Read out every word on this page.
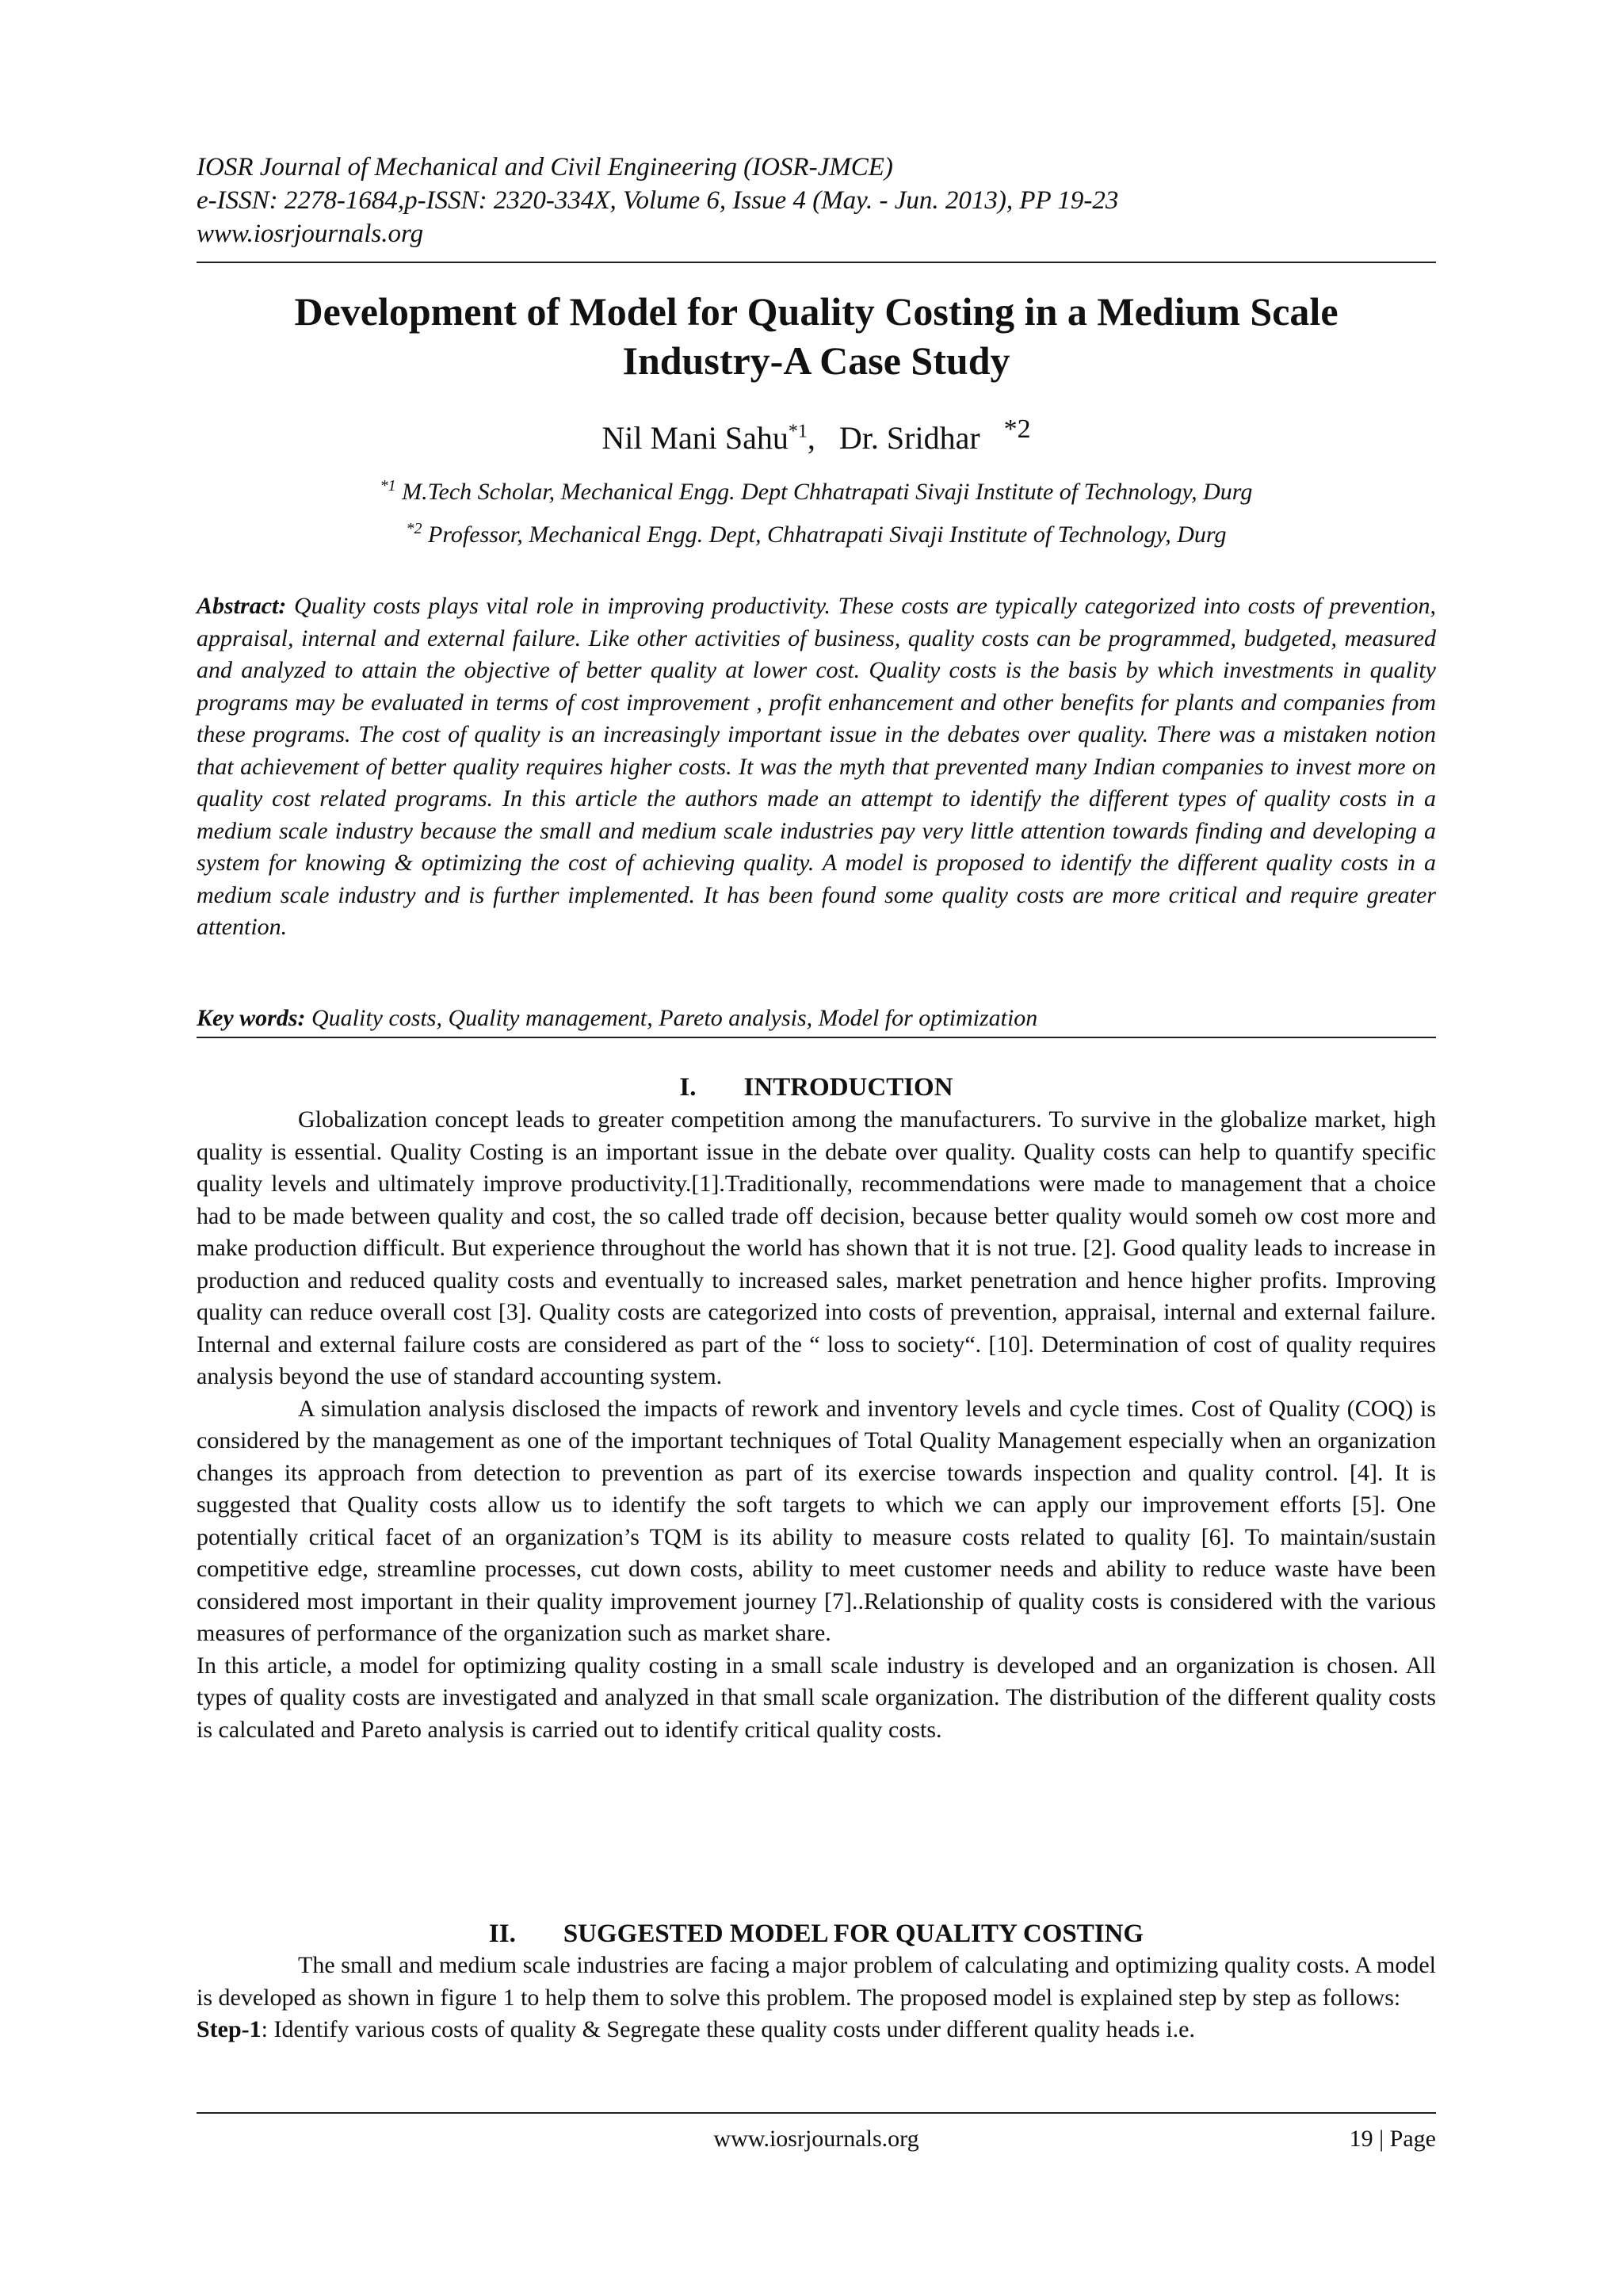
IOSR Journal of Mechanical and Civil Engineering (IOSR-JMCE)
e-ISSN: 2278-1684,p-ISSN: 2320-334X, Volume 6, Issue 4 (May. - Jun. 2013), PP 19-23
www.iosrjournals.org
Development of Model for Quality Costing in a Medium Scale
Industry-A Case Study
Nil Mani Sahu$^{*1}$, Dr. Sridhar $^{*2}$
$^{*1}$ M.Tech Scholar, Mechanical Engg. Dept Chhatrapati Sivaji Institute of Technology, Durg
$^{*2}$ Professor, Mechanical Engg. Dept, Chhatrapati Sivaji Institute of Technology, Durg
Abstract: Quality costs plays vital role in improving productivity. These costs are typically categorized into costs of prevention, appraisal, internal and external failure. Like other activities of business, quality costs can be programmed, budgeted, measured and analyzed to attain the objective of better quality at lower cost. Quality costs is the basis by which investments in quality programs may be evaluated in terms of cost improvement , profit enhancement and other benefits for plants and companies from these programs. The cost of quality is an increasingly important issue in the debates over quality. There was a mistaken notion that achievement of better quality requires higher costs. It was the myth that prevented many Indian companies to invest more on quality cost related programs. In this article the authors made an attempt to identify the different types of quality costs in a medium scale industry because the small and medium scale industries pay very little attention towards finding and developing a system for knowing & optimizing the cost of achieving quality. A model is proposed to identify the different quality costs in a medium scale industry and is further implemented. It has been found some quality costs are more critical and require greater attention.
Key words: Quality costs, Quality management, Pareto analysis, Model for optimization
I. INTRODUCTION

Globalization concept leads to greater competition among the manufacturers. To survive in the globalize market, high quality is essential. Quality Costing is an important issue in the debate over quality. Quality costs can help to quantify specific quality levels and ultimately improve productivity.[1].Traditionally, recommendations were made to management that a choice had to be made between quality and cost, the so called trade off decision, because better quality would someh ow cost more and make production difficult. But experience throughout the world has shown that it is not true. [2]. Good quality leads to increase in production and reduced quality costs and eventually to increased sales, market penetration and hence higher profits. Improving quality can reduce overall cost [3]. Quality costs are categorized into costs of prevention, appraisal, internal and external failure. Internal and external failure costs are considered as part of the “ loss to society“. [10]. Determination of cost of quality requires analysis beyond the use of standard accounting system.

A simulation analysis disclosed the impacts of rework and inventory levels and cycle times. Cost of Quality (COQ) is considered by the management as one of the important techniques of Total Quality Management especially when an organization changes its approach from detection to prevention as part of its exercise towards inspection and quality control. [4]. It is suggested that Quality costs allow us to identify the soft targets to which we can apply our improvement efforts [5]. One potentially critical facet of an organization’s TQM is its ability to measure costs related to quality [6]. To maintain/sustain competitive edge, streamline processes, cut down costs, ability to meet customer needs and ability to reduce waste have been considered most important in their quality improvement journey [7]..Relationship of quality costs is considered with the various measures of performance of the organization such as market share.

In this article, a model for optimizing quality costing in a small scale industry is developed and an organization is chosen. All types of quality costs are investigated and analyzed in that small scale organization. The distribution of the different quality costs is calculated and Pareto analysis is carried out to identify critical quality costs.

II. SUGGESTED MODEL FOR QUALITY COSTING

The small and medium scale industries are facing a major problem of calculating and optimizing quality costs. A model is developed as shown in figure 1 to help them to solve this problem. The proposed model is explained step by step as follows:

Step-1: Identify various costs of quality & Segregate these quality costs under different quality heads i.e.

www.iosrjournals.org	19 | Page
